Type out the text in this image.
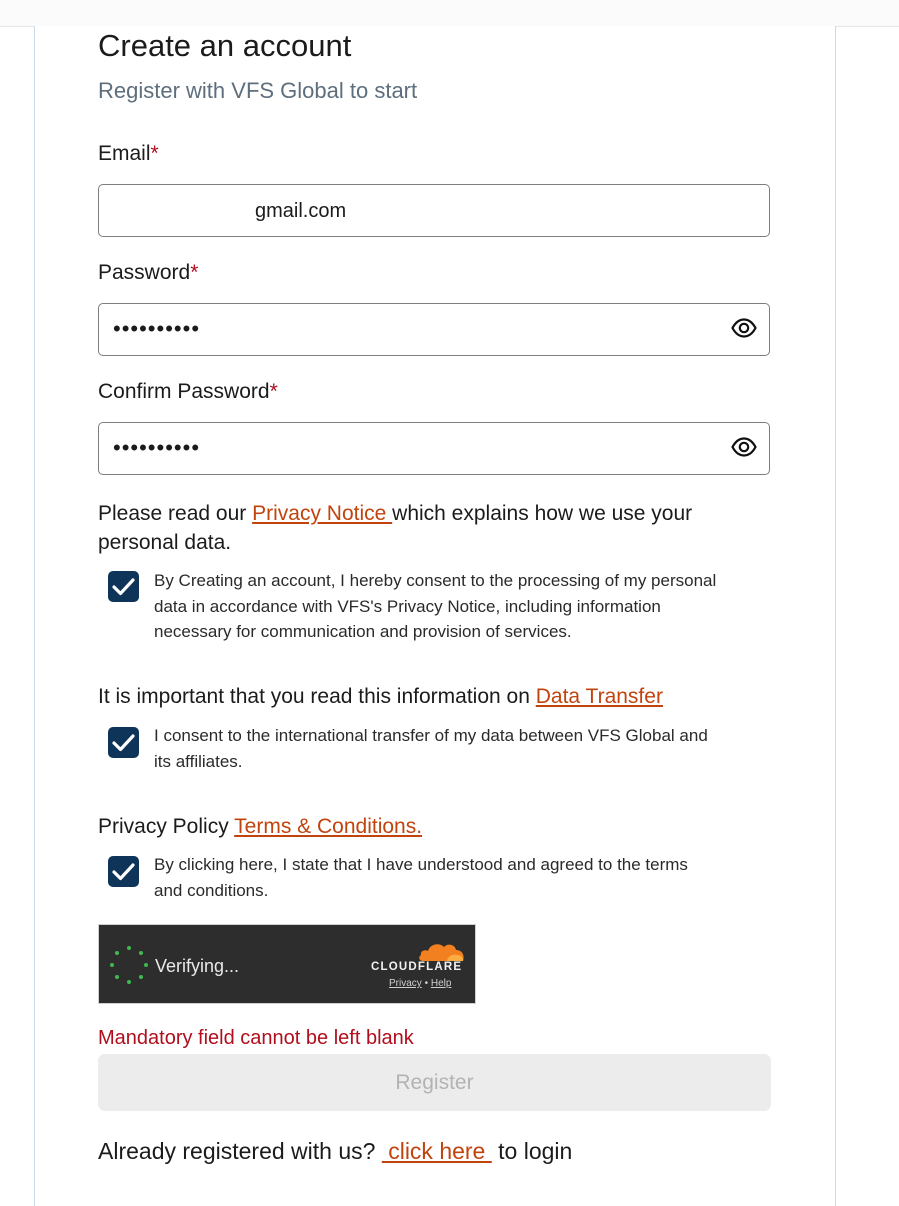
Create an account
Register with VFS Global to start
Email*
gmail.com
Password*
••••••••••
Confirm Password*
••••••••••
Please read our Privacy Notice which explains how we use your
personal data.
By Creating an account, I hereby consent to the processing of my personal
data in accordance with VFS's Privacy Notice, including information
necessary for communication and provision of services.
It is important that you read this information on Data Transfer
I consent to the international transfer of my data between VFS Global and
its affiliates.
Privacy Policy Terms & Conditions.
By clicking here, I state that I have understood and agreed to the terms
and conditions.
Verifying...	CLOUDFLARE
Privacy • Help
Mandatory field cannot be left blank
Register
Already registered with us?  click here  to login
